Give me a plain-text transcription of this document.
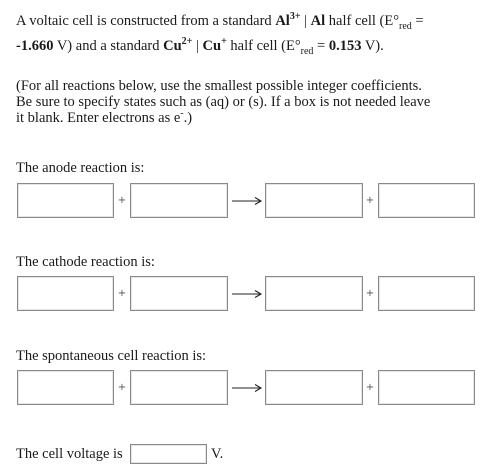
A voltaic cell is constructed from a standard $Al^{3+}$ | Al half cell ($E^\circ_{red}$ =
-1.660 V) and a standard $Cu^{2+}$ | Cu+ half cell ($E^\circ_{red} = 0.153$ V).
(For all reactions below, use the smallest possible integer coefficients.
Be sure to specify states such as (aq) or (s). If a box is not needed leave
it blank. Enter electrons as e-.)
The anode reaction is:
+	+
The cathode reaction is:
+	+
The spontaneous cell reaction is:
+	+
The cell voltage is	V.
